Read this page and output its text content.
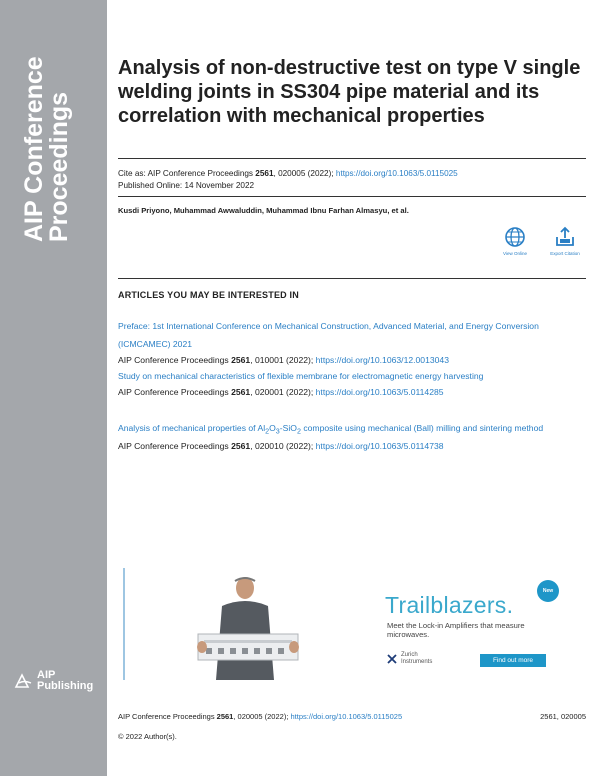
AIP Conference
Proceedings
AIP
Publishing
Analysis of non-destructive test on type V single welding joints in SS304 pipe material and its correlation with mechanical properties
Cite as: AIP Conference Proceedings 2561, 020005 (2022); https://doi.org/10.1063/5.0115025
Published Online: 14 November 2022
Kusdi Priyono, Muhammad Awwaluddin, Muhammad Ibnu Farhan Almasyu, et al.
View Online	Export Citation
ARTICLES YOU MAY BE INTERESTED IN
Preface: 1st International Conference on Mechanical Construction, Advanced Material, and Energy Conversion (ICMCAMEC) 2021
AIP Conference Proceedings 2561, 010001 (2022); https://doi.org/10.1063/12.0013043
Study on mechanical characteristics of flexible membrane for electromagnetic energy harvesting
AIP Conference Proceedings 2561, 020001 (2022); https://doi.org/10.1063/5.0114285
Analysis of mechanical properties of $Al_2O_3-SiO_2$ composite using mechanical (Ball) milling and sintering method
AIP Conference Proceedings 2561, 020010 (2022); https://doi.org/10.1063/5.0114738
Trailblazers.
New
Meet the Lock-in Amplifiers that measure microwaves.
Zurich
Instruments	Find out more
AIP Conference Proceedings 2561, 020005 (2022); https://doi.org/10.1063/5.0115025	2561, 020005
© 2022 Author(s).
